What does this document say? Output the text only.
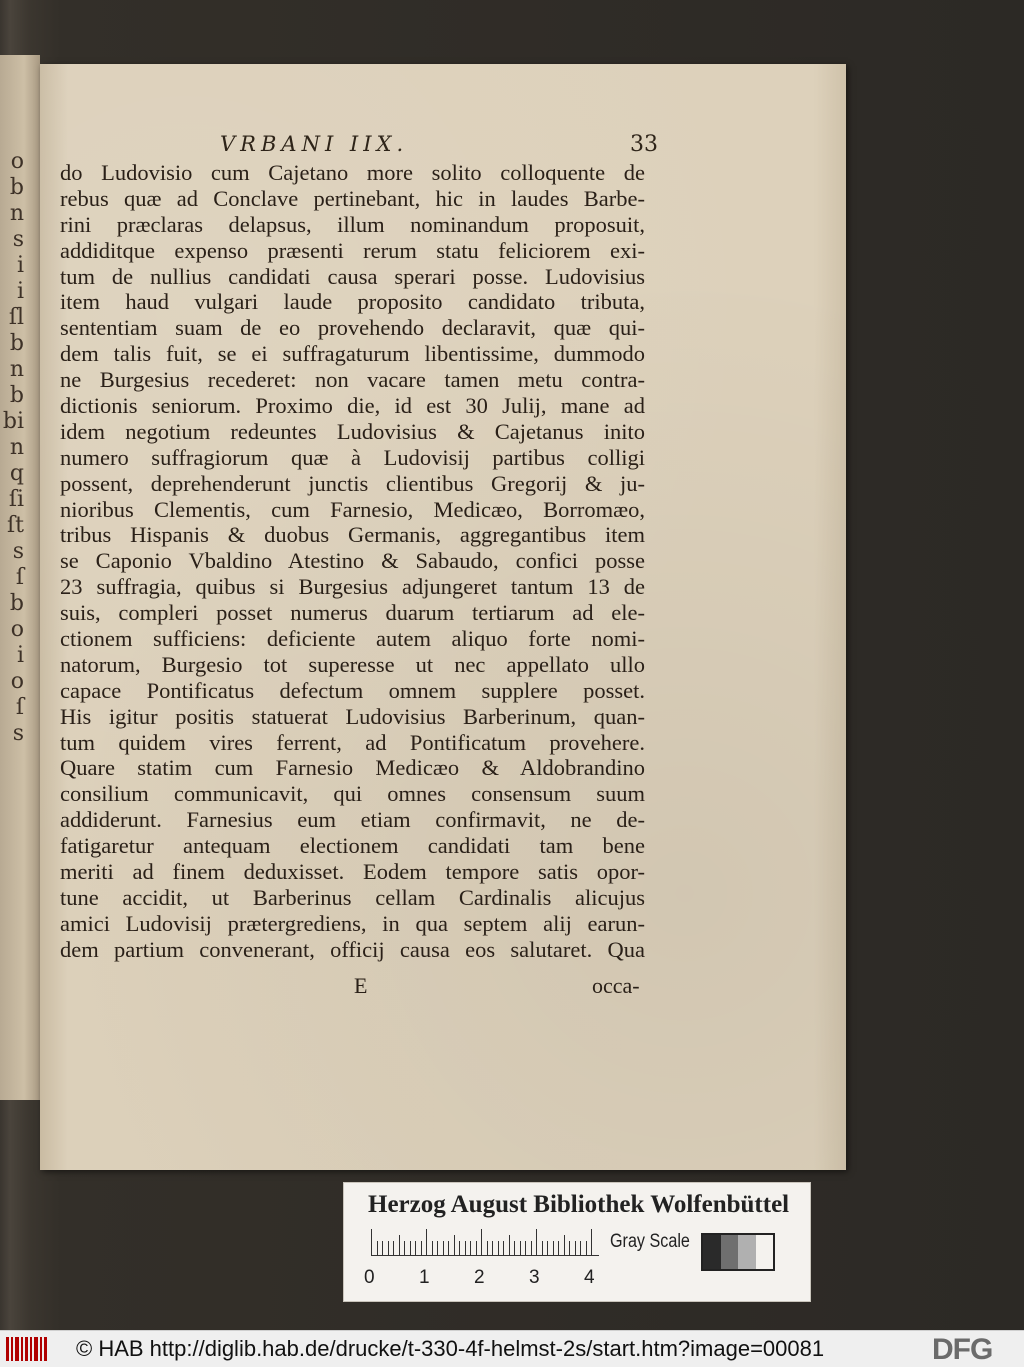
o
b
n
s
i
i
ſl
b
n
b
bi
n
q
ſi
ſt
s
ſ
b
o
i
o
ſ
s
VRBANI IIX.	33
do Ludovisio cum Cajetano more solito colloquente de
rebus quæ ad Conclave pertinebant, hic in laudes Barbe-
rini præclaras delapsus, illum nominandum proposuit,
addiditque expenso præsenti rerum statu feliciorem exi-
tum de nullius candidati causa sperari posse. Ludovisius
item haud vulgari laude proposito candidato tributa,
sententiam suam de eo provehendo declaravit, quæ qui-
dem talis fuit, se ei suffragaturum libentissime, dummodo
ne Burgesius recederet: non vacare tamen metu contra-
dictionis seniorum. Proximo die, id est 30 Julij, mane ad
idem negotium redeuntes Ludovisius & Cajetanus inito
numero suffragiorum quæ à Ludovisij partibus colligi
possent, deprehenderunt junctis clientibus Gregorij & ju-
nioribus Clementis, cum Farnesio, Medicæo, Borromæo,
tribus Hispanis & duobus Germanis, aggregantibus item
se Caponio Vbaldino Atestino & Sabaudo, confici posse
23 suffragia, quibus si Burgesius adjungeret tantum 13 de
suis, compleri posset numerus duarum tertiarum ad ele-
ctionem sufficiens: deficiente autem aliquo forte nomi-
natorum, Burgesio tot superesse ut nec appellato ullo
capace Pontificatus defectum omnem supplere posset.
His igitur positis statuerat Ludovisius Barberinum, quan-
tum quidem vires ferrent, ad Pontificatum provehere.
Quare statim cum Farnesio Medicæo & Aldobrandino
consilium communicavit, qui omnes consensum suum
addiderunt. Farnesius eum etiam confirmavit, ne de-
fatigaretur antequam electionem candidati tam bene
meriti ad finem deduxisset. Eodem tempore satis opor-
tune accidit, ut Barberinus cellam Cardinalis alicujus
amici Ludovisij prætergrediens, in qua septem alij earun-
dem partium convenerant, officij causa eos salutaret. Qua
E	occa-
Herzog August Bibliothek Wolfenbüttel
Gray Scale
0 1 2 3 4
© HAB http://diglib.hab.de/drucke/t-330-4f-helmst-2s/start.htm?image=00081	DFG
